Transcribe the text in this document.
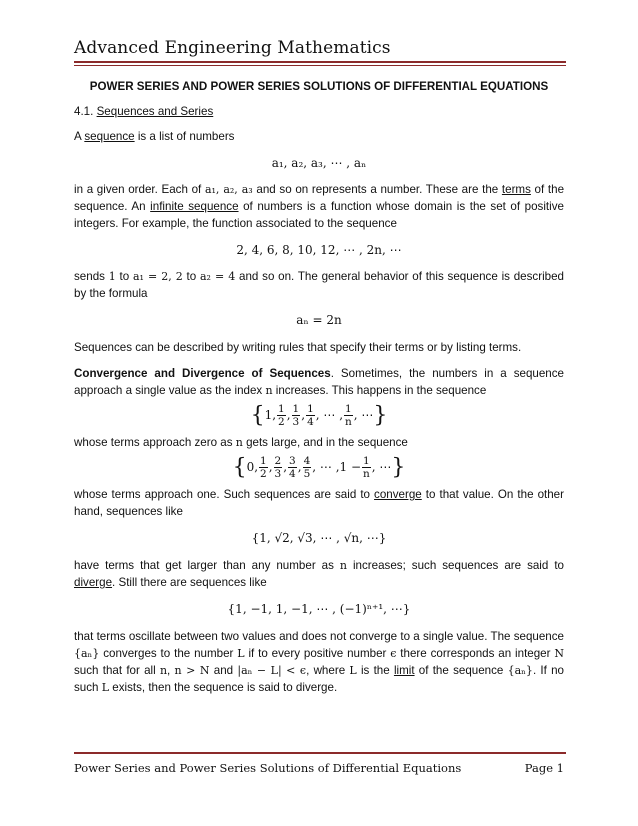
Advanced Engineering Mathematics

POWER SERIES AND POWER SERIES SOLUTIONS OF DIFFERENTIAL EQUATIONS

4.1. Sequences and Series

A sequence is a list of numbers

a₁, a₂, a₃, ⋯ , aₙ

in a given order. Each of a₁, a₂, a₃ and so on represents a number. These are the terms of the sequence. An infinite sequence of numbers is a function whose domain is the set of positive integers. For example, the function associated to the sequence

2, 4, 6, 8, 10, 12, ⋯ , 2n, ⋯

sends 1 to a₁ = 2, 2 to a₂ = 4 and so on. The general behavior of this sequence is described by the formula

aₙ = 2n

Sequences can be described by writing rules that specify their terms or by listing terms.

Convergence and Divergence of Sequences. Sometimes, the numbers in a sequence approach a single value as the index n increases. This happens in the sequence

{1, $\frac{1}{2}$ , $\frac{1}{3}$ , $\frac{1}{4}$ , ⋯ , $\frac{1}{n}$ , ⋯}

whose terms approach zero as n gets large, and in the sequence

{0, $\frac{1}{2}$ , $\frac{2}{3}$ , $\frac{3}{4}$ , $\frac{4}{5}$ , ⋯ $,1 - \frac{1}{n}$ , ⋯}

whose terms approach one. Such sequences are said to converge to that value. On the other hand, sequences like

{1, √2, √3, ⋯ , √n, ⋯}

have terms that get larger than any number as n increases; such sequences are said to diverge. Still there are sequences like

{1, −1, 1, −1, ⋯ , (−1)ⁿ⁺¹, ⋯}

that terms oscillate between two values and does not converge to a single value. The sequence {aₙ} converges to the number L if to every positive number ϵ there corresponds an integer N such that for all n, n > N and |aₙ − L| < ϵ, where L is the limit of the sequence {aₙ}. If no such L exists, then the sequence is said to diverge.

Power Series and Power Series Solutions of Differential Equations	Page 1
